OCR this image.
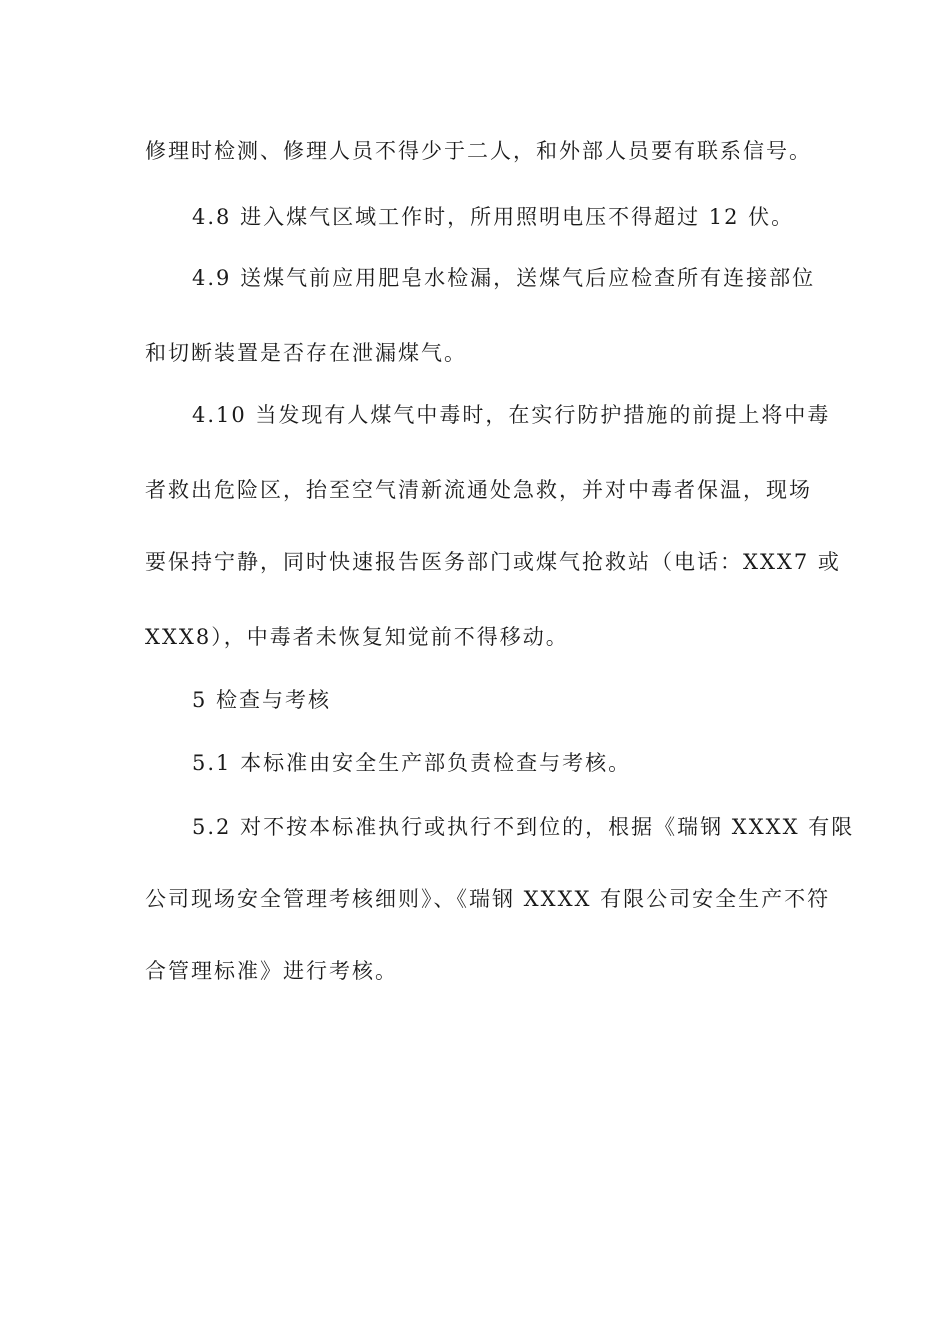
修理时检测、修理人员不得少于二人，和外部人员要有联系信号。
4.8 进入煤气区域工作时，所用照明电压不得超过 12 伏。
4.9 送煤气前应用肥皂水检漏，送煤气后应检查所有连接部位
和切断装置是否存在泄漏煤气。
4.10 当发现有人煤气中毒时，在实行防护措施的前提上将中毒
者救出危险区，抬至空气清新流通处急救，并对中毒者保温，现场
要保持宁静，同时快速报告医务部门或煤气抢救站（电话：XXX7 或
XXX8），中毒者未恢复知觉前不得移动。
5 检查与考核
5.1 本标准由安全生产部负责检查与考核。
5.2 对不按本标准执行或执行不到位的，根据《瑞钢 XXXX 有限
公司现场安全管理考核细则》、《瑞钢 XXXX 有限公司安全生产不符
合管理标准》进行考核。
